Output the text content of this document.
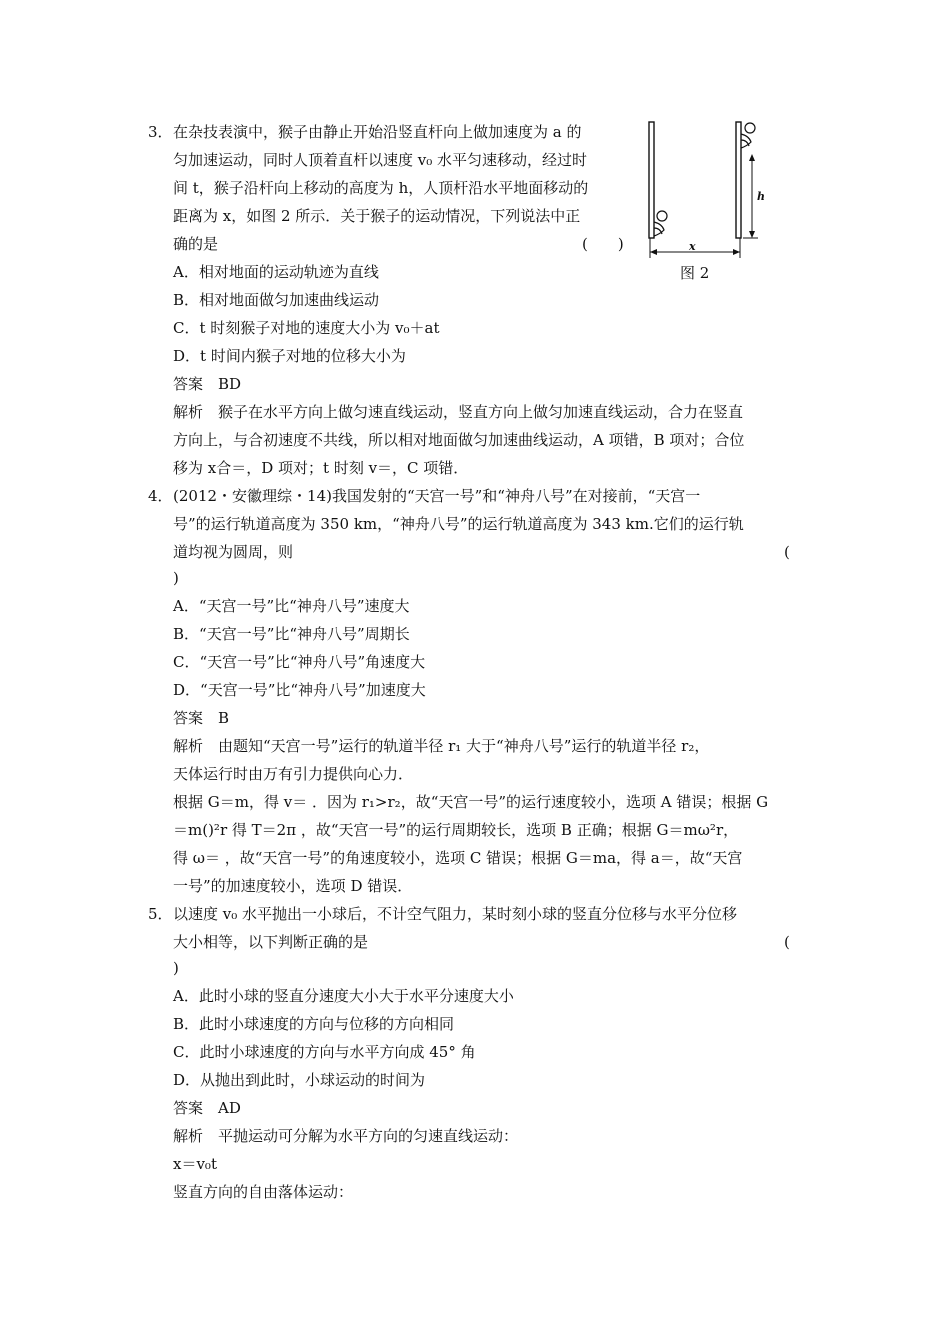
3． 在杂技表演中，猴子由静止开始沿竖直杆向上做加速度为 a 的
匀加速运动，同时人顶着直杆以速度 v₀ 水平匀速移动，经过时
间 t，猴子沿杆向上移动的高度为 h，人顶杆沿水平地面移动的
距离为 x，如图 2 所示．关于猴子的运动情况，下列说法中正
确的是	(　　)
h
x
图 2
A．相对地面的运动轨迹为直线
B．相对地面做匀加速曲线运动
C．t 时刻猴子对地的速度大小为 v₀＋at
D．t 时间内猴子对地的位移大小为
答案　BD
解析　猴子在水平方向上做匀速直线运动，竖直方向上做匀加速直线运动，合力在竖直
方向上，与合初速度不共线，所以相对地面做匀加速曲线运动，A 项错，B 项对；合位
移为 x合＝，D 项对；t 时刻 v＝，C 项错．
4． (2012・安徽理综・14)我国发射的“天宫一号”和“神舟八号”在对接前，“天宫一
号”的运行轨道高度为 350 km，“神舟八号”的运行轨道高度为 343 km.它们的运行轨
道均视为圆周，则	(
)
A．“天宫一号”比“神舟八号”速度大
B．“天宫一号”比“神舟八号”周期长
C．“天宫一号”比“神舟八号”角速度大
D．“天宫一号”比“神舟八号”加速度大
答案　B
解析　由题知“天宫一号”运行的轨道半径 r₁ 大于“神舟八号”运行的轨道半径 r₂，
天体运行时由万有引力提供向心力．
根据 G＝m，得 v＝ ．因为 r₁>r₂，故“天宫一号”的运行速度较小，选项 A 错误；根据 G
＝m()²r 得 T＝2π ，故“天宫一号”的运行周期较长，选项 B 正确；根据 G＝mω²r，
得 ω＝ ，故“天宫一号”的角速度较小，选项 C 错误；根据 G＝ma，得 a＝，故“天宫
一号”的加速度较小，选项 D 错误．
5． 以速度 v₀ 水平抛出一小球后，不计空气阻力，某时刻小球的竖直分位移与水平分位移
大小相等，以下判断正确的是	(
)
A．此时小球的竖直分速度大小大于水平分速度大小
B．此时小球速度的方向与位移的方向相同
C．此时小球速度的方向与水平方向成 45° 角
D．从抛出到此时，小球运动的时间为
答案　AD
解析　平抛运动可分解为水平方向的匀速直线运动：
x＝v₀t
竖直方向的自由落体运动：
